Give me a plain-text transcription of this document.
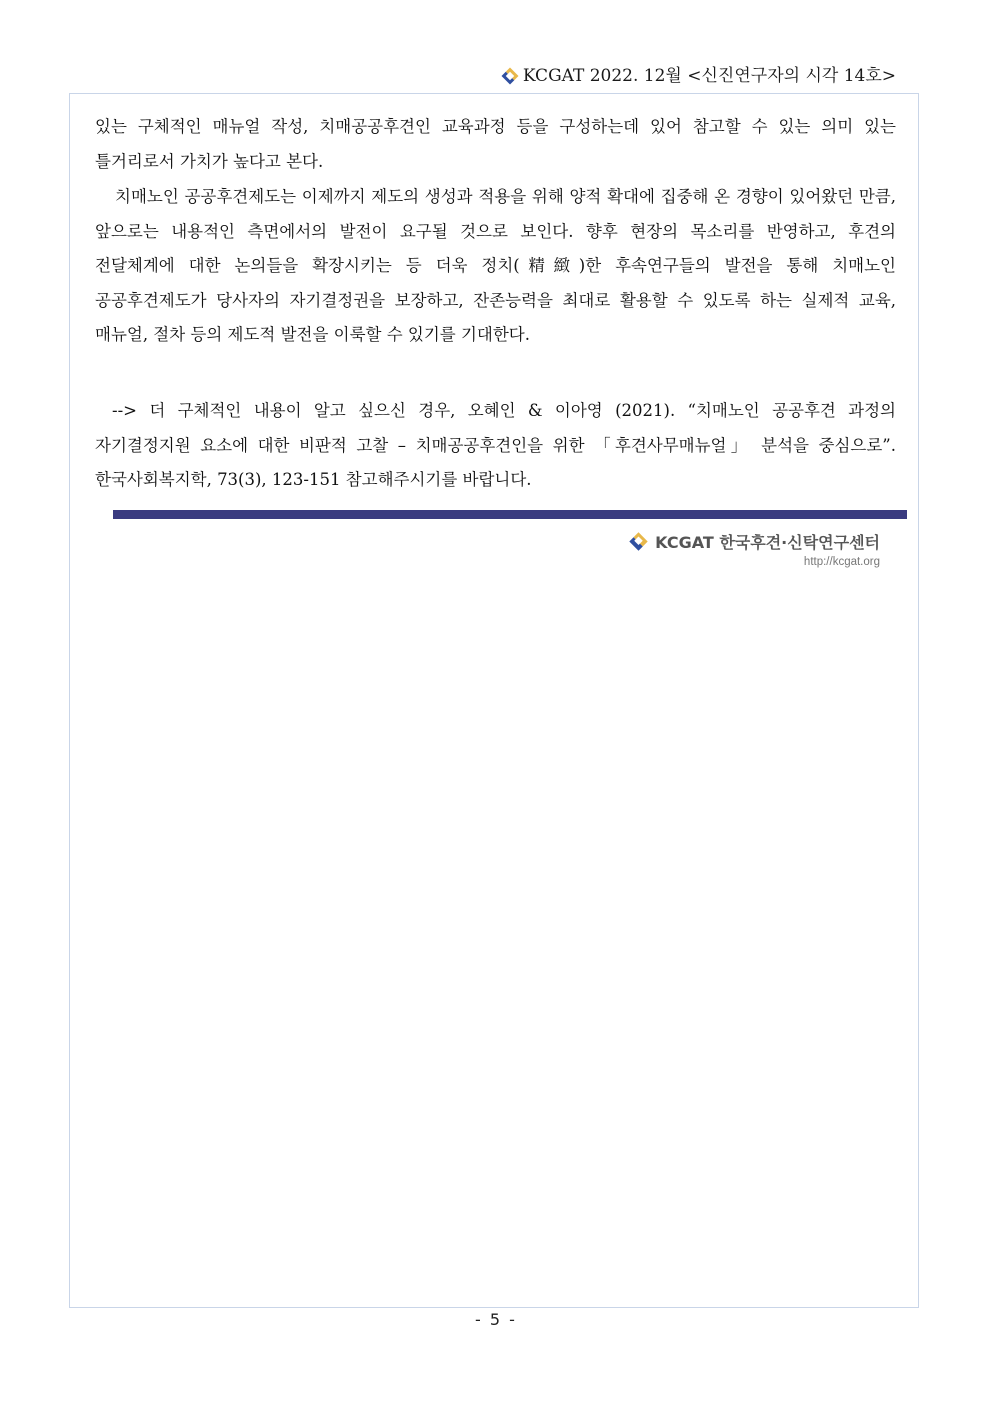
KCGAT 2022. 12월 <신진연구자의 시각 14호>
있는 구체적인 매뉴얼 작성, 치매공공후견인 교육과정 등을 구성하는데 있어 참고할 수 있는 의미 있는 틀거리로서 가치가 높다고 본다.
치매노인 공공후견제도는 이제까지 제도의 생성과 적용을 위해 양적 확대에 집중해 온 경향이 있어왔던 만큼, 앞으로는 내용적인 측면에서의 발전이 요구될 것으로 보인다. 향후 현장의 목소리를 반영하고, 후견의 전달체계에 대한 논의들을 확장시키는 등 더욱 정치(精緻)한 후속연구들의 발전을 통해 치매노인 공공후견제도가 당사자의 자기결정권을 보장하고, 잔존능력을 최대로 활용할 수 있도록 하는 실제적 교육, 매뉴얼, 절차 등의 제도적 발전을 이룩할 수 있기를 기대한다.
--> 더 구체적인 내용이 알고 싶으신 경우, 오혜인 & 이아영 (2021). “치매노인 공공후견 과정의 자기결정지원 요소에 대한 비판적 고찰 – 치매공공후견인을 위한 「후견사무매뉴얼」 분석을 중심으로”. 한국사회복지학, 73(3), 123-151 참고해주시기를 바랍니다.
KCGAT 한국후견·신탁연구센터
http://kcgat.org
- 5 -
